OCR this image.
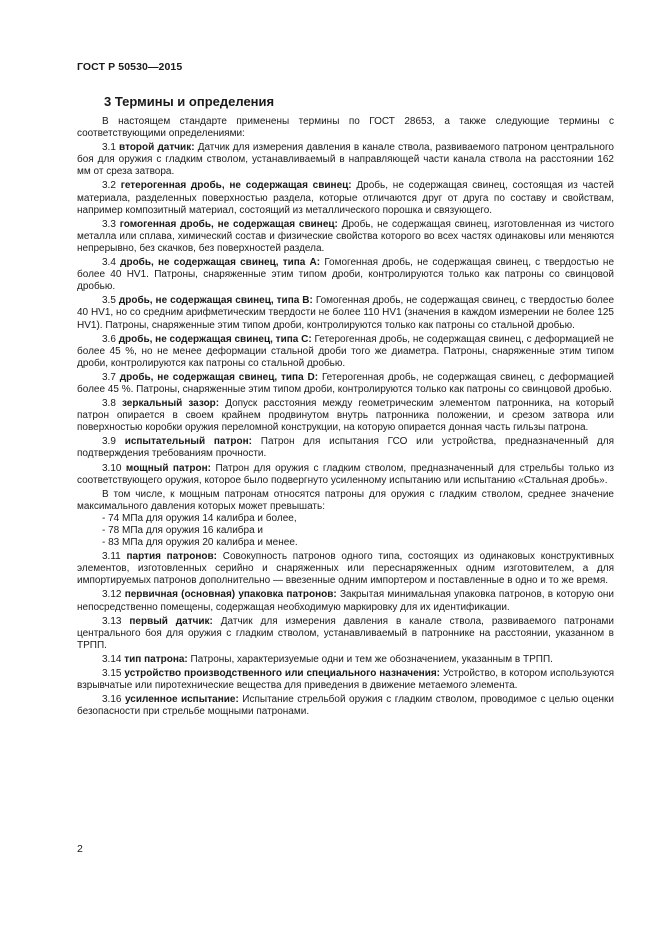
ГОСТ Р 50530—2015
3 Термины и определения

В настоящем стандарте применены термины по ГОСТ 28653, а также следующие термины с соответствующими определениями:

3.1 второй датчик: Датчик для измерения давления в канале ствола, развиваемого патроном центрального боя для оружия с гладким стволом, устанавливаемый в направляющей части канала ствола на расстоянии 162 мм от среза затвора.

3.2 гетерогенная дробь, не содержащая свинец: Дробь, не содержащая свинец, состоящая из частей материала, разделенных поверхностью раздела, которые отличаются друг от друга по составу и свойствам, например композитный материал, состоящий из металлического порошка и связующего.

3.3 гомогенная дробь, не содержащая свинец: Дробь, не содержащая свинец, изготовленная из чистого металла или сплава, химический состав и физические свойства которого во всех частях одинаковы или меняются непрерывно, без скачков, без поверхностей раздела.

3.4 дробь, не содержащая свинец, типа А: Гомогенная дробь, не содержащая свинец, с твердостью не более 40 HV1. Патроны, снаряженные этим типом дроби, контролируются только как патроны со свинцовой дробью.

3.5 дробь, не содержащая свинец, типа В: Гомогенная дробь, не содержащая свинец, с твердостью более 40 HV1, но со средним арифметическим твердости не более 110 HV1 (значения в каждом измерении не более 125 HV1). Патроны, снаряженные этим типом дроби, контролируются только как патроны со стальной дробью.

3.6 дробь, не содержащая свинец, типа С: Гетерогенная дробь, не содержащая свинец, с деформацией не более 45 %, но не менее деформации стальной дроби того же диаметра. Патроны, снаряженные этим типом дроби, контролируются как патроны со стальной дробью.

3.7 дробь, не содержащая свинец, типа D: Гетерогенная дробь, не содержащая свинец, с деформацией более 45 %. Патроны, снаряженные этим типом дроби, контролируются только как патроны со свинцовой дробью.

3.8 зеркальный зазор: Допуск расстояния между геометрическим элементом патронника, на который патрон опирается в своем крайнем продвинутом внутрь патронника положении, и срезом затвора или поверхностью коробки оружия переломной конструкции, на которую опирается донная часть гильзы патрона.

3.9 испытательный патрон: Патрон для испытания ГСО или устройства, предназначенный для подтверждения требованиям прочности.

3.10 мощный патрон: Патрон для оружия с гладким стволом, предназначенный для стрельбы только из соответствующего оружия, которое было подвергнуто усиленному испытанию или испытанию «Стальная дробь».

В том числе, к мощным патронам относятся патроны для оружия с гладким стволом, среднее значение максимального давления которых может превышать:

- 74 МПа для оружия 14 калибра и более,

- 78 МПа для оружия 16 калибра и

- 83 МПа для оружия 20 калибра и менее.

3.11 партия патронов: Совокупность патронов одного типа, состоящих из одинаковых конструктивных элементов, изготовленных серийно и снаряженных или переснаряженных одним изготовителем, а для импортируемых патронов дополнительно — ввезенные одним импортером и поставленные в одно и то же время.

3.12 первичная (основная) упаковка патронов: Закрытая минимальная упаковка патронов, в которую они непосредственно помещены, содержащая необходимую маркировку для их идентификации.

3.13 первый датчик: Датчик для измерения давления в канале ствола, развиваемого патронами центрального боя для оружия с гладким стволом, устанавливаемый в патроннике на расстоянии, указанном в ТРПП.

3.14 тип патрона: Патроны, характеризуемые одни и тем же обозначением, указанным в ТРПП.

3.15 устройство производственного или специального назначения: Устройство, в котором используются взрывчатые или пиротехнические вещества для приведения в движение метаемого элемента.

3.16 усиленное испытание: Испытание стрельбой оружия с гладким стволом, проводимое с целью оценки безопасности при стрельбе мощными патронами.

2
